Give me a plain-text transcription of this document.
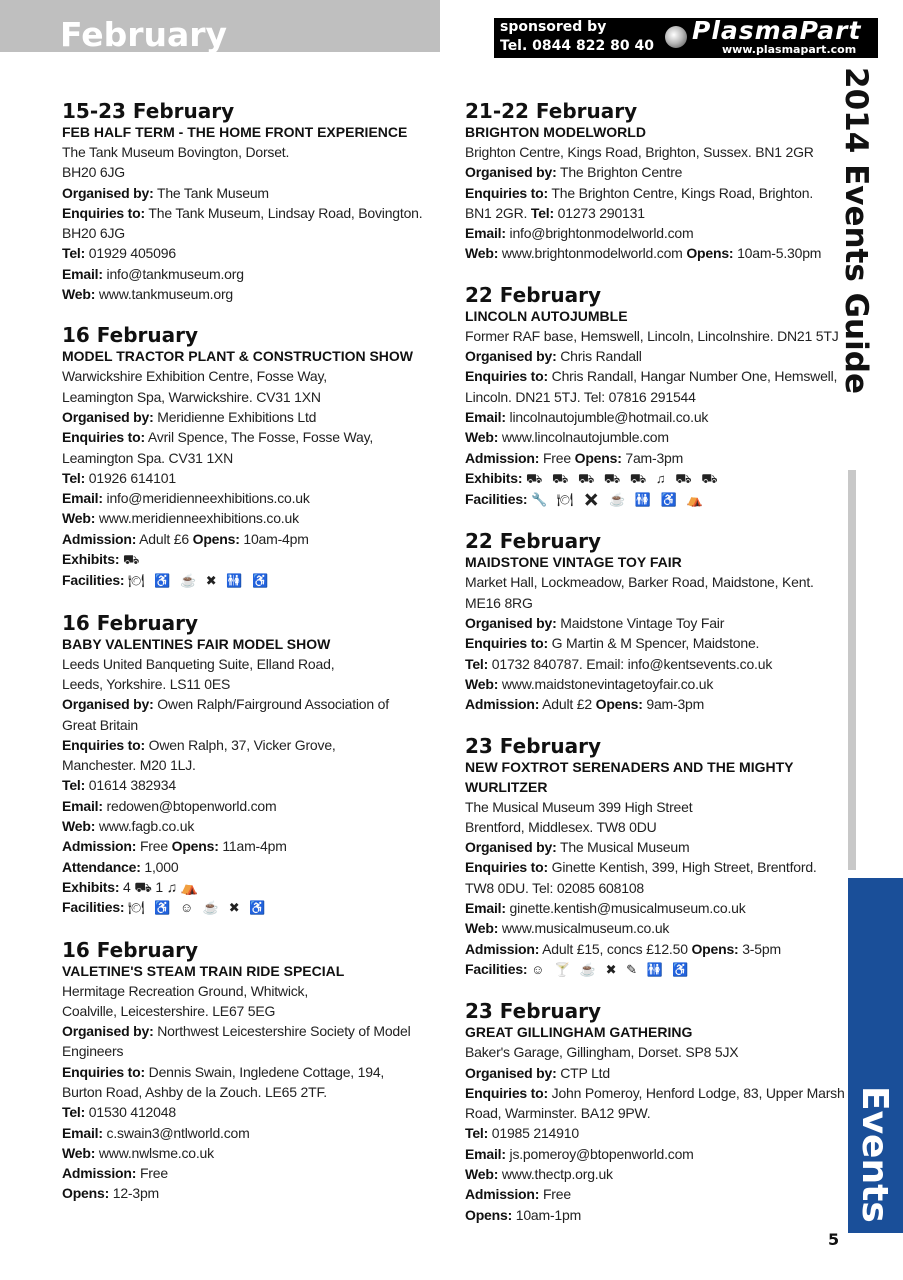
February	sponsored by
Tel. 0844 822 80 40
PlasmaPart
www.plasmapart.com
15-23 February
FEB HALF TERM - THE HOME FRONT EXPERIENCE
The Tank Museum Bovington, Dorset.
BH20 6JG
Organised by: The Tank Museum
Enquiries to: The Tank Museum, Lindsay Road, Bovington.
BH20 6JG
Tel: 01929 405096
Email: info@tankmuseum.org
Web: www.tankmuseum.org
16 February
MODEL TRACTOR PLANT & CONSTRUCTION SHOW
Warwickshire Exhibition Centre, Fosse Way,
Leamington Spa, Warwickshire. CV31 1XN
Organised by: Meridienne Exhibitions Ltd
Enquiries to: Avril Spence, The Fosse, Fosse Way,
Leamington Spa. CV31 1XN
Tel: 01926 614101
Email: info@meridienneexhibitions.co.uk
Web: www.meridienneexhibitions.co.uk
Admission: Adult £6 Opens: 10am-4pm
Exhibits: ⛟
Facilities: 🍽 ♿ ☕ ✖ 🚻 ♿
16 February
BABY VALENTINES FAIR MODEL SHOW
Leeds United Banqueting Suite, Elland Road,
Leeds, Yorkshire. LS11 0ES
Organised by: Owen Ralph/Fairground Association of
Great Britain
Enquiries to: Owen Ralph, 37, Vicker Grove,
Manchester. M20 1LJ.
Tel: 01614 382934
Email: redowen@btopenworld.com
Web: www.fagb.co.uk
Admission: Free Opens: 11am-4pm
Attendance: 1,000
Exhibits: 4 ⛟ 1 ♫ ⛺
Facilities: 🍽 ♿ ☺ ☕ ✖ ♿
16 February
VALETINE'S STEAM TRAIN RIDE SPECIAL
Hermitage Recreation Ground, Whitwick,
Coalville, Leicestershire. LE67 5EG
Organised by: Northwest Leicestershire Society of Model
Engineers
Enquiries to: Dennis Swain, Ingledene Cottage, 194,
Burton Road, Ashby de la Zouch. LE65 2TF.
Tel: 01530 412048
Email: c.swain3@ntlworld.com
Web: www.nwlsme.co.uk
Admission: Free
Opens: 12-3pm
21-22 February
BRIGHTON MODELWORLD
Brighton Centre, Kings Road, Brighton, Sussex. BN1 2GR
Organised by: The Brighton Centre
Enquiries to: The Brighton Centre, Kings Road, Brighton.
BN1 2GR. Tel: 01273 290131
Email: info@brightonmodelworld.com
Web: www.brightonmodelworld.com Opens: 10am-5.30pm
22 February
LINCOLN AUTOJUMBLE
Former RAF base, Hemswell, Lincoln, Lincolnshire. DN21 5TJ
Organised by: Chris Randall
Enquiries to: Chris Randall, Hangar Number One, Hemswell,
Lincoln. DN21 5TJ. Tel: 07816 291544
Email: lincolnautojumble@hotmail.co.uk
Web: www.lincolnautojumble.com
Admission: Free Opens: 7am-3pm
Exhibits: ⛟ ⛟ ⛟ ⛟ ⛟ ♫ ⛟ ⛟
Facilities: 🔧 🍽 ✖ ☕ 🚻 ♿ ⛺
22 February
MAIDSTONE VINTAGE TOY FAIR
Market Hall, Lockmeadow, Barker Road, Maidstone, Kent.
ME16 8RG
Organised by: Maidstone Vintage Toy Fair
Enquiries to: G Martin & M Spencer, Maidstone.
Tel: 01732 840787. Email: info@kentsevents.co.uk
Web: www.maidstonevintagetoyfair.co.uk
Admission: Adult £2 Opens: 9am-3pm
23 February
NEW FOXTROT SERENADERS AND THE MIGHTY WURLITZER
The Musical Museum 399 High Street
Brentford, Middlesex. TW8 0DU
Organised by: The Musical Museum
Enquiries to: Ginette Kentish, 399, High Street, Brentford.
TW8 0DU. Tel: 02085 608108
Email: ginette.kentish@musicalmuseum.co.uk
Web: www.musicalmuseum.co.uk
Admission: Adult £15, concs £12.50 Opens: 3-5pm
Facilities: ☺ 🍸 ☕ ✖ ✎ 🚻 ♿
23 February
GREAT GILLINGHAM GATHERING
Baker's Garage, Gillingham, Dorset. SP8 5JX
Organised by: CTP Ltd
Enquiries to: John Pomeroy, Henford Lodge, 83, Upper Marsh
Road, Warminster. BA12 9PW.
Tel: 01985 214910
Email: js.pomeroy@btopenworld.com
Web: www.thectp.org.uk
Admission: Free
Opens: 10am-1pm
2014 Events Guide
Events
5
